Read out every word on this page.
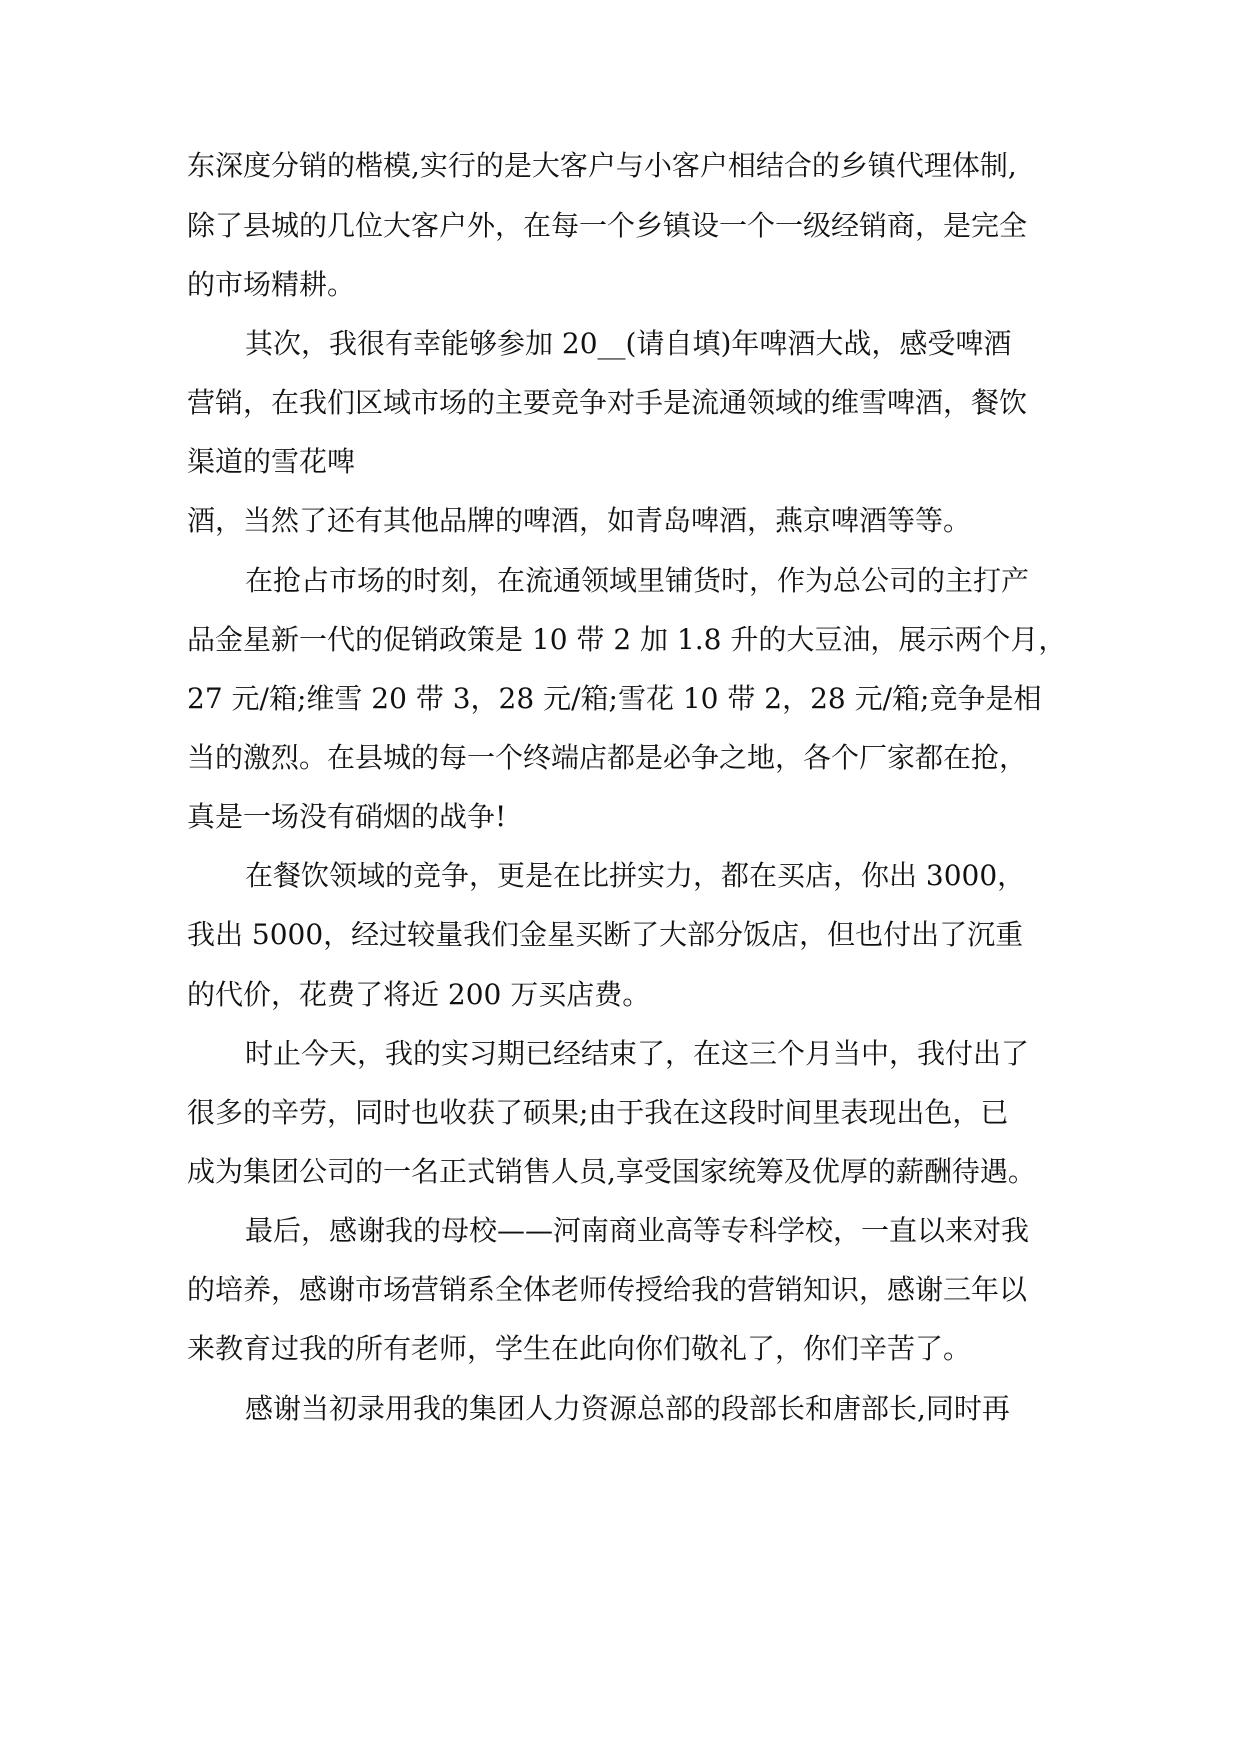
东深度分销的楷模,实行的是大客户与小客户相结合的乡镇代理体制,
除了县城的几位大客户外，在每一个乡镇设一个一级经销商，是完全
的市场精耕。
其次，我很有幸能够参加 20__(请自填)年啤酒大战，感受啤酒
营销，在我们区域市场的主要竞争对手是流通领域的维雪啤酒，餐饮
渠道的雪花啤
酒，当然了还有其他品牌的啤酒，如青岛啤酒，燕京啤酒等等。
在抢占市场的时刻，在流通领域里铺货时，作为总公司的主打产
品金星新一代的促销政策是 10 带 2 加 1.8 升的大豆油，展示两个月，
27 元/箱;维雪 20 带 3，28 元/箱;雪花 10 带 2，28 元/箱;竞争是相
当的激烈。在县城的每一个终端店都是必争之地，各个厂家都在抢，
真是一场没有硝烟的战争!
在餐饮领域的竞争，更是在比拼实力，都在买店，你出 3000，
我出 5000，经过较量我们金星买断了大部分饭店，但也付出了沉重
的代价，花费了将近 200 万买店费。
时止今天，我的实习期已经结束了，在这三个月当中，我付出了
很多的辛劳，同时也收获了硕果;由于我在这段时间里表现出色，已
成为集团公司的一名正式销售人员,享受国家统筹及优厚的薪酬待遇。
最后，感谢我的母校——河南商业高等专科学校，一直以来对我
的培养，感谢市场营销系全体老师传授给我的营销知识，感谢三年以
来教育过我的所有老师，学生在此向你们敬礼了，你们辛苦了。
感谢当初录用我的集团人力资源总部的段部长和唐部长,同时再
